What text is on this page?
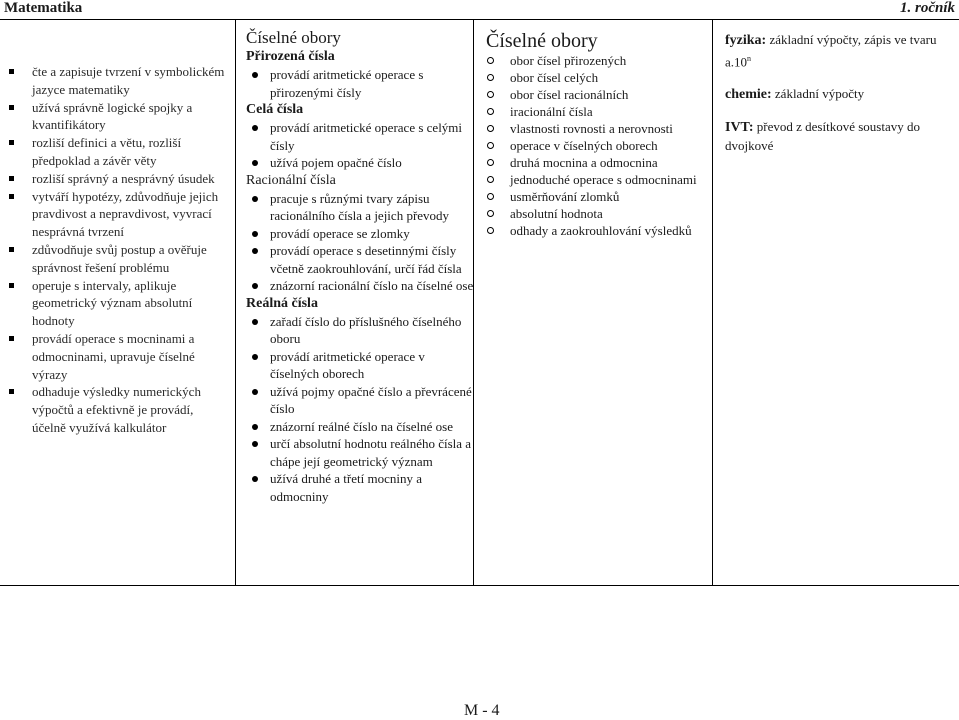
Matematika	1. ročník
čte a zapisuje tvrzení v symbolickém jazyce matematiky
užívá správně logické spojky a kvantifikátory
rozliší definici a větu, rozliší předpoklad a závěr věty
rozliší správný a nesprávný úsudek
vytváří hypotézy, zdůvodňuje jejich pravdivost a nepravdivost, vyvrací nesprávná tvrzení
zdůvodňuje svůj postup a ověřuje správnost řešení problému
operuje s intervaly, aplikuje geometrický význam absolutní hodnoty
provádí operace s mocninami a odmocninami, upravuje číselné výrazy
odhaduje výsledky numerických výpočtů a efektivně je provádí, účelně využívá kalkulátor
Číselné obory
Přirozená čísla
provádí aritmetické operace s přirozenými čísly
Celá čísla
provádí aritmetické operace s celými čísly
užívá pojem opačné číslo
Racionální čísla
pracuje s různými tvary zápisu racionálního čísla a jejich převody
provádí operace se zlomky
provádí operace s desetinnými čísly včetně zaokrouhlování, určí řád čísla
znázorní racionální číslo na číselné ose
Reálná čísla
zařadí číslo do příslušného číselného oboru
provádí aritmetické operace v číselných oborech
užívá pojmy opačné číslo a převrácené číslo
znázorní reálné číslo na číselné ose
určí absolutní hodnotu reálného čísla a chápe její geometrický význam
užívá druhé a třetí mocniny a odmocniny
Číselné obory
obor čísel přirozených
obor čísel celých
obor čísel racionálních
iracionální čísla
vlastnosti rovnosti a nerovnosti
operace v číselných oborech
druhá mocnina a odmocnina
jednoduché operace s odmocninami
usměrňování zlomků
absolutní hodnota
odhady a zaokrouhlování výsledků

fyzika: základní výpočty, zápis ve tvaru a.10$^n$

chemie: základní výpočty

IVT: převod z desítkové soustavy do dvojkové

M - 4
